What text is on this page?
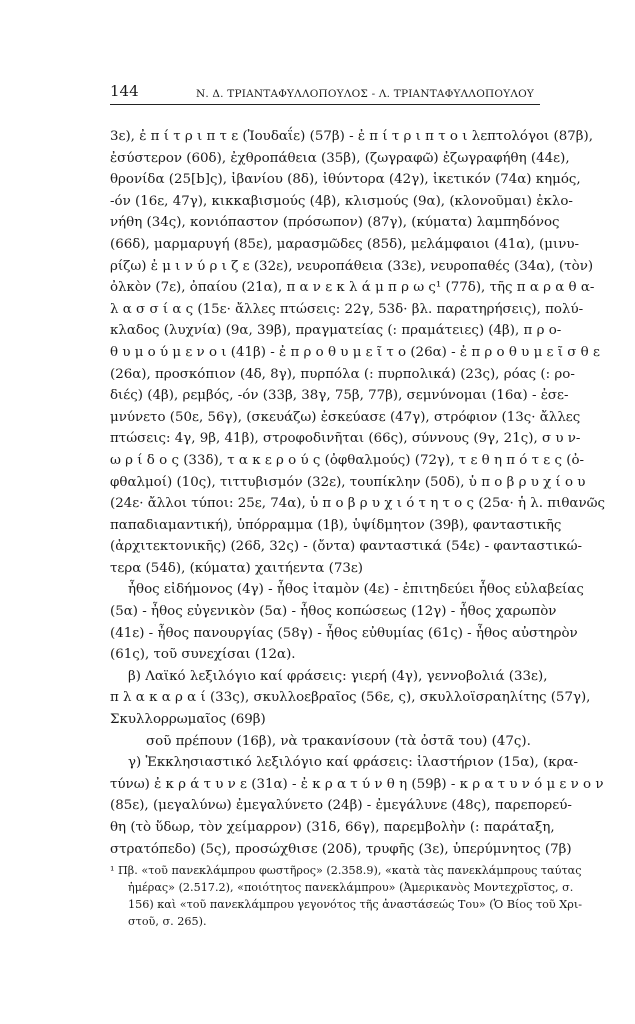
144	Ν. Δ. ΤΡΙΑΝΤΑΦΥΛΛΟΠΟΥΛΟΣ - Λ. ΤΡΙΑΝΤΑΦΥΛΛΟΠΟΥΛΟΥ
3ε), ἐ π ί τ ρ ι π τ ε (Ἰουδαΐε) (57β) - ἐ π ί τ ρ ι π τ ο ι λεπτολόγοι (87β),
ἐσύστερον (60δ), ἐχθροπάθεια (35β), (ζωγραφῶ) ἐζωγραφήθη (44ε),
θρονίδα (25[b]ς), ἰβανίου (8δ), ἰθύντορα (42γ), ἱκετικόν (74α) κημός,
-όν (16ε, 47γ), κικκαβισμούς (4β), κλισμούς (9α), (κλονοῦμαι) ἐκλο-
νήθη (34ς), κονιόπαστον (πρόσωπον) (87γ), (κύματα) λαμπηδόνος
(66δ), μαρμαρυγή (85ε), μαρασμῶδες (85δ), μελάμφαιοι (41α), (μινυ-
ρίζω) ἐ μ ι ν ύ ρ ι ζ ε (32ε), νευροπάθεια (33ε), νευροπαθές (34α), (τὸν)
ὀλκὸν (7ε), ὀπαίου (21α), π α ν ε κ λ ά μ π ρ ω ς¹ (77δ), τῆς π α ρ α θ α-
λ α σ σ ί α ς (15ε· ἄλλες πτώσεις: 22γ, 53δ· βλ. παρατηρήσεις), πολύ-
κλαδος (λυχνία) (9α, 39β), πραγματείας (: πραμάτειες) (4β), π ρ ο-
θ υ μ ο ύ μ ε ν ο ι (41β) - ἐ π ρ ο θ υ μ ε ῖ τ ο (26α) - ἐ π ρ ο θ υ μ ε ῖ σ θ ε
(26α), προσκόπιον (4δ, 8γ), πυρπόλα (: πυρπολικά) (23ς), ρόας (: ρο-
διές) (4β), ρεμβός, -όν (33β, 38γ, 75β, 77β), σεμνύνομαι (16α) - ἐσε-
μνύνετο (50ε, 56γ), (σκευάζω) ἐσκεύασε (47γ), στρόφιον (13ς· ἄλλες
πτώσεις: 4γ, 9β, 41β), στροφοδινῆται (66ς), σύννους (9γ, 21ς), σ υ ν-
ω ρ ί δ ο ς (33δ), τ α κ ε ρ ο ύ ς (ὀφθαλμούς) (72γ), τ ε θ η π ό τ ε ς (ὀ-
φθαλμοί) (10ς), τιττυβισμόν (32ε), τουπίκλην (50δ), ὑ π ο β ρ υ χ ί ο υ
(24ε· ἄλλοι τύποι: 25ε, 74α), ὑ π ο β ρ υ χ ι ό τ η τ ο ς (25α· ἡ λ. πιθανῶς
παπαδιαμαντική), ὑπόρραμμα (1β), ὑψίδμητον (39β), φανταστικῆς
(ἀρχιτεκτονικῆς) (26δ, 32ς) - (ὄντα) φανταστικά (54ε) - φανταστικώ-
τερα (54δ), (κύματα) χαιτήεντα (73ε)
ἦθος εἰδήμονος (4γ) - ἦθος ἰταμὸν (4ε) - ἐπιτηδεύει ἦθος εὐλαβείας
(5α) - ἦθος εὐγενικὸν (5α) - ἦθος κοπώσεως (12γ) - ἦθος χαρωπὸν
(41ε) - ἦθος πανουργίας (58γ) - ἦθος εὐθυμίας (61ς) - ἦθος αὐστηρὸν
(61ς), τοῦ συνεχίσαι (12α).
β) Λαϊκό λεξιλόγιο καί φράσεις: γιερή (4γ), γεννοβολιά (33ε),
π λ α κ α ρ α ί (33ς), σκυλλοεβραῖος (56ε, ς), σκυλλοϊσραηλίτης (57γ),
Σκυλλορρωμαῖος (69β)
σοῦ πρέπουν (16β), νὰ τρακανίσουν (τὰ ὀστᾶ του) (47ς).
γ) Ἐκκλησιαστικό λεξιλόγιο καί φράσεις: ἱλαστήριον (15α), (κρα-
τύνω) ἐ κ ρ ά τ υ ν ε (31α) - ἐ κ ρ α τ ύ ν θ η (59β) - κ ρ α τ υ ν ό μ ε ν ο ν
(85ε), (μεγαλύνω) ἐμεγαλύνετο (24β) - ἐμεγάλυνε (48ς), παρεπορεύ-
θη (τὸ ὕδωρ, τὸν χείμαρρον) (31δ, 66γ), παρεμβολὴν (: παράταξη,
στρατόπεδο) (5ς), προσώχθισε (20δ), τρυφῆς (3ε), ὑπερύμνητος (7β)
¹ Πβ. «τοῦ πανεκλάμπρου φωστῆρος» (2.358.9), «κατὰ τὰς πανεκλάμπρους ταύτας
ἡμέρας» (2.517.2), «ποιότητος πανεκλάμπρου» (Ἀμερικανὸς Μοντεχρῖστος, σ.
156) καὶ «τοῦ πανεκλάμπρου γεγονότος τῆς ἀναστάσεώς Του» (Ὁ Βίος τοῦ Χρι-
στοῦ, σ. 265).
